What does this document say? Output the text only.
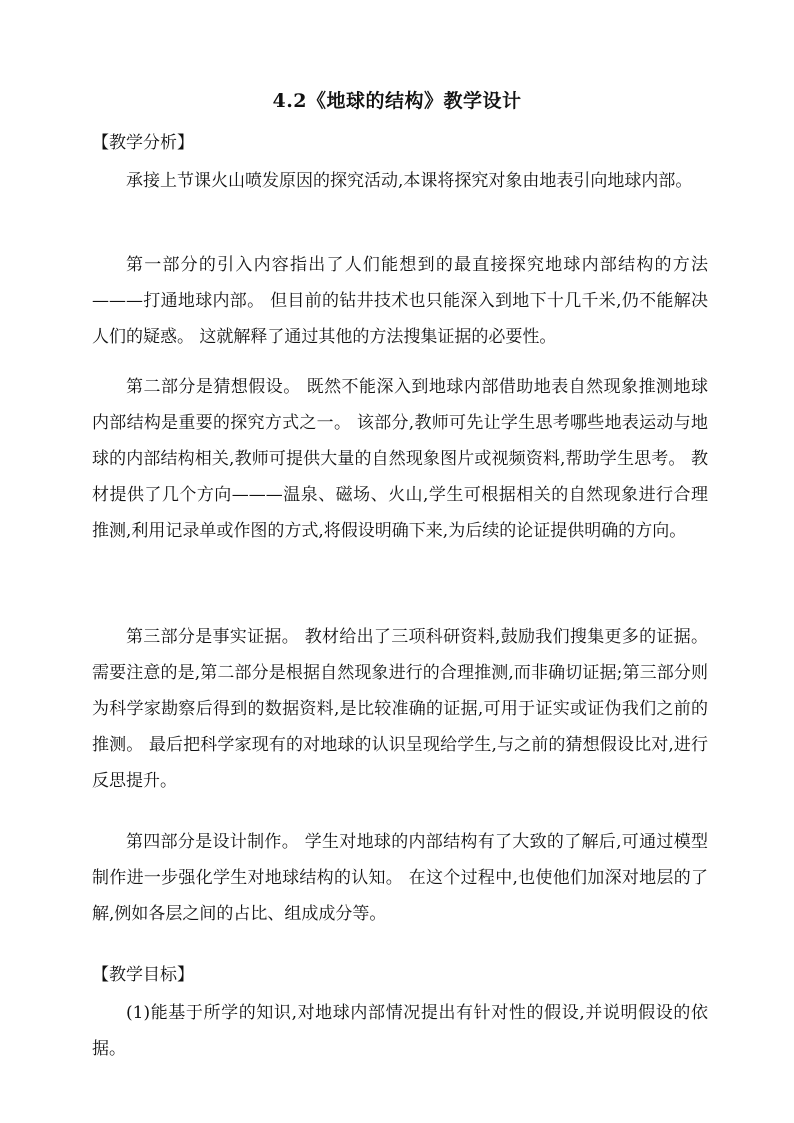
4.2《地球的结构》教学设计
【教学分析】

承接上节课火山喷发原因的探究活动,本课将探究对象由地表引向地球内部。

第一部分的引入内容指出了人们能想到的最直接探究地球内部结构的方法———打通地球内部。 但目前的钻井技术也只能深入到地下十几千米,仍不能解决人们的疑惑。 这就解释了通过其他的方法搜集证据的必要性。

第二部分是猜想假设。 既然不能深入到地球内部借助地表自然现象推测地球内部结构是重要的探究方式之一。 该部分,教师可先让学生思考哪些地表运动与地球的内部结构相关,教师可提供大量的自然现象图片或视频资料,帮助学生思考。 教材提供了几个方向———温泉、磁场、火山,学生可根据相关的自然现象进行合理推测,利用记录单或作图的方式,将假设明确下来,为后续的论证提供明确的方向。

第三部分是事实证据。 教材给出了三项科研资料,鼓励我们搜集更多的证据。 需要注意的是,第二部分是根据自然现象进行的合理推测,而非确切证据;第三部分则为科学家勘察后得到的数据资料,是比较准确的证据,可用于证实或证伪我们之前的推测。 最后把科学家现有的对地球的认识呈现给学生,与之前的猜想假设比对,进行反思提升。

第四部分是设计制作。 学生对地球的内部结构有了大致的了解后,可通过模型制作进一步强化学生对地球结构的认知。 在这个过程中,也使他们加深对地层的了解,例如各层之间的占比、组成成分等。

【教学目标】

(1)能基于所学的知识,对地球内部情况提出有针对性的假设,并说明假设的依据。
